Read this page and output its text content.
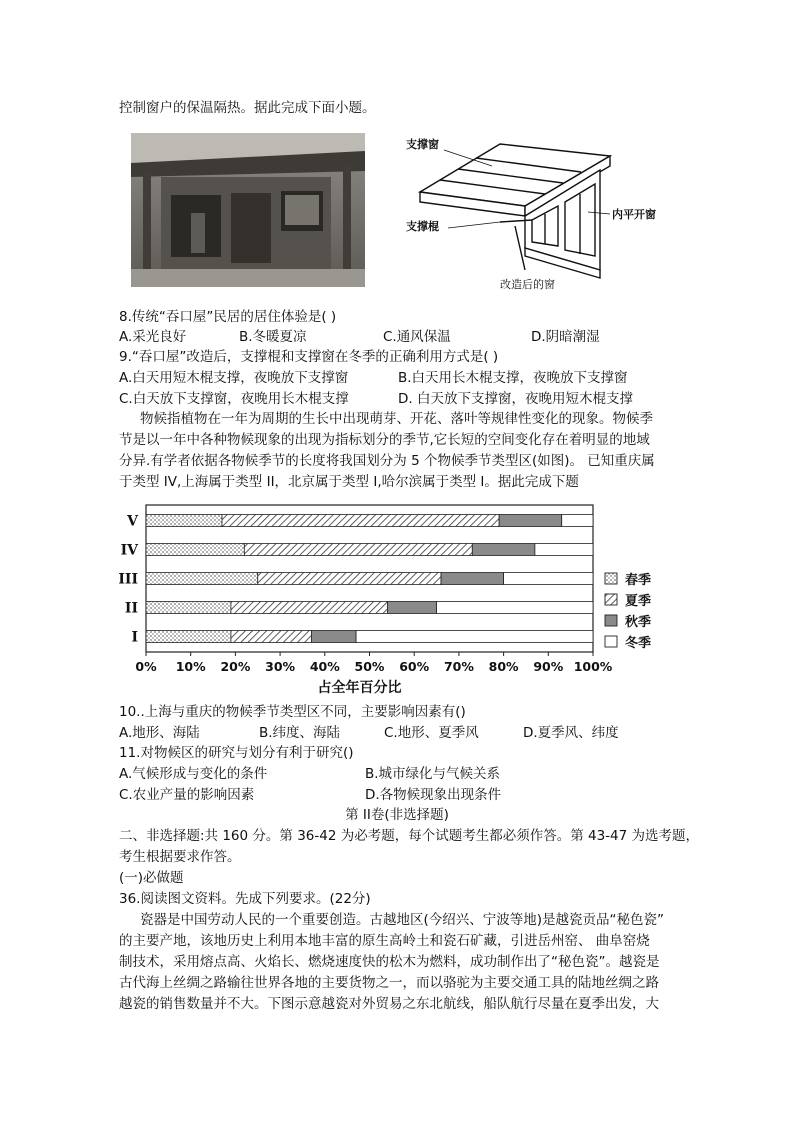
控制窗户的保温隔热。据此完成下面小题。
支撑窗
支撑棍
内平开窗
改造后的窗
8.传统“吞口屋”民居的居住体验是( )
A.采光良好	B.冬暖夏凉	C.通风保温	D.阴暗潮湿
9.“吞口屋”改造后，支撑棍和支撑窗在冬季的正确利用方式是( )
A.白天用短木棍支撑，夜晚放下支撑窗	B.白天用长木棍支撑，夜晚放下支撑窗
C.白天放下支撑窗，夜晚用长木棍支撑	D. 白天放下支撑窗，夜晚用短木棍支撑
物候指植物在一年为周期的生长中出现萌芽、开花、落叶等规律性变化的现象。物候季
节是以一年中各种物候现象的出现为指标划分的季节,它长短的空间变化存在着明显的地域
分异.有学者依据各物候季节的长度将我国划分为 5 个物候季节类型区(如图)。 已知重庆属
于类型 IV,上海属于类型 II，北京属于类型 I,哈尔滨属于类型 I。据此完成下题
V
IV
III
II
I
0% 10% 20% 30% 40% 50% 60% 70% 80% 90% 100%
占全年百分比
春季
夏季
秋季
冬季
10..上海与重庆的物候季节类型区不同，主要影响因素有()
A.地形、海陆	B.纬度、海陆	C.地形、夏季风	D.夏季风、纬度
11.对物候区的研究与划分有利于研究()
A.气候形成与变化的条件	B.城市绿化与气候关系
C.农业产量的影响因素	D.各物候现象出现条件
第 II卷(非选择题)
二、非选择题:共 160 分。第 36-42 为必考题，每个试题考生都必须作答。第 43-47 为选考题，
考生根据要求作答。
(一)必做题
36.阅读图文资料。先成下列要求。(22分)
瓷器是中国劳动人民的一个重要创造。古越地区(今绍兴、宁波等地)是越瓷贡品“秘色瓷”
的主要产地，该地历史上利用本地丰富的原生高岭土和瓷石矿藏，引进岳州窑、 曲阜窑烧
制技术，采用熔点高、火焰长、燃烧速度快的松木为燃料，成功制作出了“秘色瓷”。越瓷是
古代海上丝绸之路输往世界各地的主要货物之一，而以骆驼为主要交通工具的陆地丝绸之路
越瓷的销售数量并不大。下图示意越瓷对外贸易之东北航线，船队航行尽量在夏季出发，大
